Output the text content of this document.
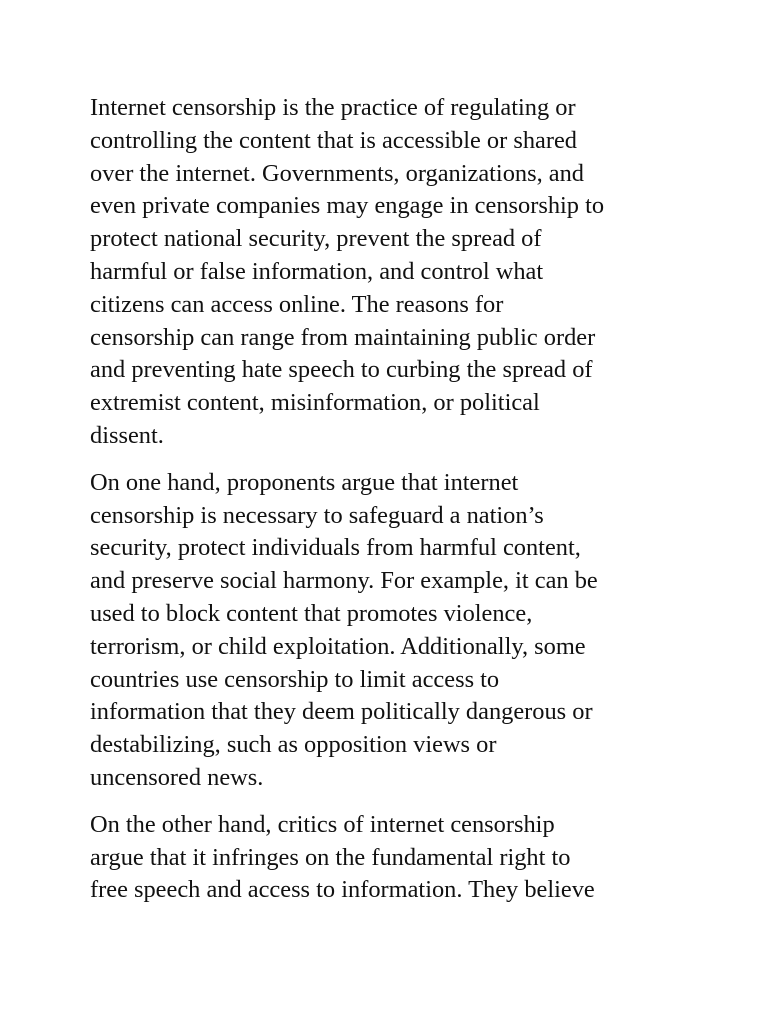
Internet censorship is the practice of regulating or
controlling the content that is accessible or shared
over the internet. Governments, organizations, and
even private companies may engage in censorship to
protect national security, prevent the spread of
harmful or false information, and control what
citizens can access online. The reasons for
censorship can range from maintaining public order
and preventing hate speech to curbing the spread of
extremist content, misinformation, or political
dissent.

On one hand, proponents argue that internet
censorship is necessary to safeguard a nation’s
security, protect individuals from harmful content,
and preserve social harmony. For example, it can be
used to block content that promotes violence,
terrorism, or child exploitation. Additionally, some
countries use censorship to limit access to
information that they deem politically dangerous or
destabilizing, such as opposition views or
uncensored news.

On the other hand, critics of internet censorship
argue that it infringes on the fundamental right to
free speech and access to information. They believe
